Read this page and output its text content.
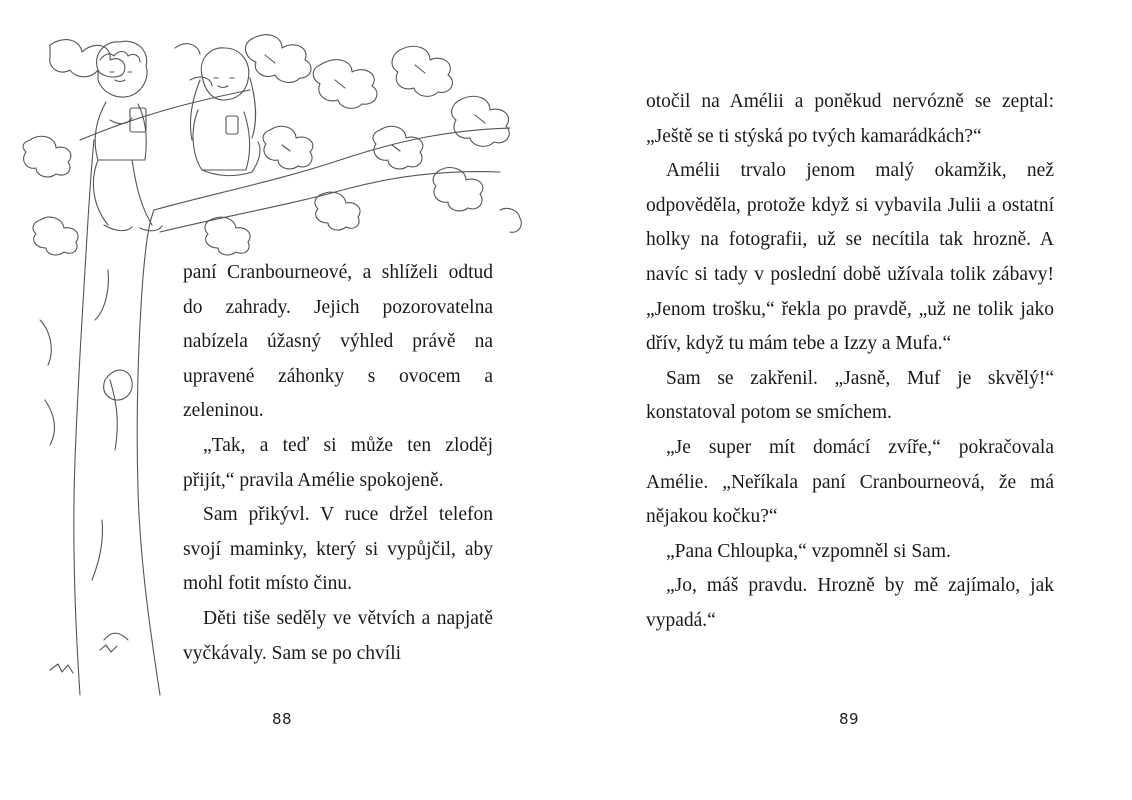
paní Cranbourneové, a shlíželi odtud do zahrady. Jejich pozorovatelna nabízela úžasný výhled právě na upravené záhonky s ovocem a zeleninou.

„Tak, a teď si může ten zloděj přijít,“ pravila Amélie spokojeně.

Sam přikývl. V ruce držel telefon svojí maminky, který si vypůjčil, aby mohl fotit místo činu.

Děti tiše seděly ve větvích a napjatě vyčkávaly. Sam se po chvíli

88

otočil na Amélii a poněkud nervózně se zeptal: „Ještě se ti stýská po tvých kamarádkách?“

Amélii trvalo jenom malý okamžik, než odpověděla, protože když si vybavila Julii a ostatní holky na fotografii, už se necítila tak hrozně. A navíc si tady v poslední době užívala tolik zábavy! „Jenom trošku,“ řekla po pravdě, „už ne tolik jako dřív, když tu mám tebe a Izzy a Mufa.“

Sam se zakřenil. „Jasně, Muf je skvělý!“ konstatoval potom se smíchem.

„Je super mít domácí zvíře,“ pokračovala Amélie. „Neříkala paní Cranbourneová, že má nějakou kočku?“

„Pana Chloupka,“ vzpomněl si Sam.

„Jo, máš pravdu. Hrozně by mě zajímalo, jak vypadá.“

89
